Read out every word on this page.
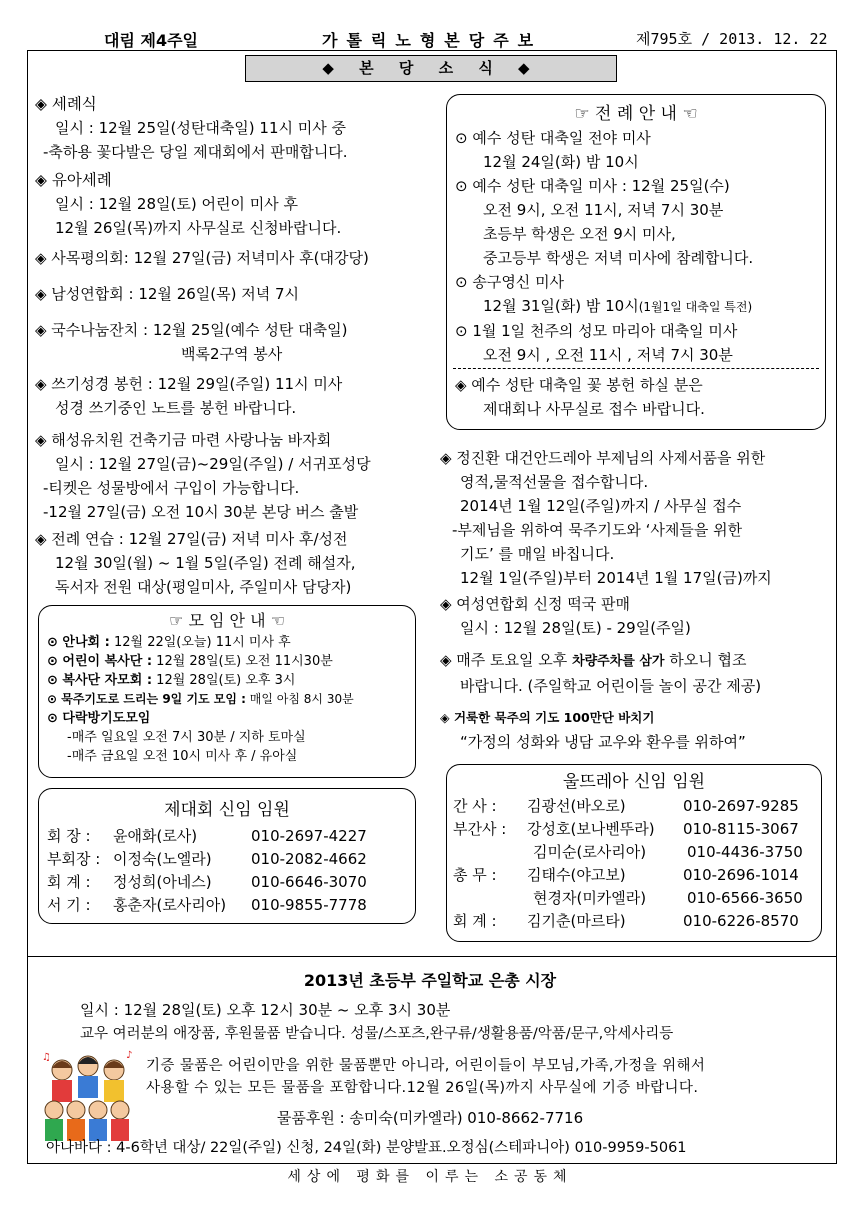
대림 제4주일	가톨릭노형본당주보	제795호 / 2013. 12. 22
◆ 본 당 소 식 ◆
◈ 세례식
일시 : 12월 25일(성탄대축일) 11시 미사 중
-축하용 꽃다발은 당일 제대회에서 판매합니다.
◈ 유아세례
일시 : 12월 28일(토) 어린이 미사 후
12월 26일(목)까지 사무실로 신청바랍니다.
◈ 사목평의회: 12월 27일(금) 저녁미사 후(대강당)
◈ 남성연합회 : 12월 26일(목) 저녁 7시
◈ 국수나눔잔치 : 12월 25일(예수 성탄 대축일)
백록2구역 봉사
◈ 쓰기성경 봉헌 : 12월 29일(주일) 11시 미사
성경 쓰기중인 노트를 봉헌 바랍니다.
◈ 해성유치원 건축기금 마련 사랑나눔 바자회
일시 : 12월 27일(금)~29일(주일) / 서귀포성당
-티켓은 성물방에서 구입이 가능합니다.
-12월 27일(금) 오전 10시 30분 본당 버스 출발
◈ 전례 연습 : 12월 27일(금) 저녁 미사 후/성전
12월 30일(월) ~ 1월 5일(주일) 전례 해설자,
독서자 전원 대상(평일미사, 주일미사 담당자)
☞ 모 임 안 내 ☜
⊙ 안나회 : 12월 22일(오늘) 11시 미사 후
⊙ 어린이 복사단 : 12월 28일(토) 오전 11시30분
⊙ 복사단 자모회 : 12월 28일(토) 오후 3시
⊙ 묵주기도로 드리는 9일 기도 모임 : 매일 아침 8시 30분
⊙ 다락방기도모임
-매주 일요일 오전 7시 30분 / 지하 토마실
-매주 금요일 오전 10시 미사 후 / 유아실
제대회 신임 임원
회 장 :	윤애화(로사)	010-2697-4227
부회장 :	이정숙(노엘라)	010-2082-4662
회 계 :	정성희(아네스)	010-6646-3070
서 기 :	홍춘자(로사리아)	010-9855-7778
☞ 전 례 안 내 ☜
⊙ 예수 성탄 대축일 전야 미사
12월 24일(화) 밤 10시
⊙ 예수 성탄 대축일 미사 : 12월 25일(수)
오전 9시, 오전 11시, 저녁 7시 30분
초등부 학생은 오전 9시 미사,
중고등부 학생은 저녁 미사에 참례합니다.
⊙ 송구영신 미사
12월 31일(화) 밤 10시(1월1일 대축일 특전)
⊙ 1월 1일 천주의 성모 마리아 대축일 미사
오전 9시 , 오전 11시 , 저녁 7시 30분
◈ 예수 성탄 대축일 꽃 봉헌 하실 분은
제대회나 사무실로 접수 바랍니다.
◈ 정진환 대건안드레아 부제님의 사제서품을 위한
영적,물적선물을 접수합니다.
2014년 1월 12일(주일)까지 / 사무실 접수
-부제님을 위하여 묵주기도와 ‘사제들을 위한
기도’ 를 매일 바칩니다.
12월 1일(주일)부터 2014년 1월 17일(금)까지
◈ 여성연합회 신정 떡국 판매
일시 : 12월 28일(토) - 29일(주일)
◈ 매주 토요일 오후 차량주차를 삼가 하오니 협조
바랍니다. (주일학교 어린이들 놀이 공간 제공)
◈ 거룩한 묵주의 기도 100만단 바치기
“가정의 성화와 냉담 교우와 환우를 위하여”
울뜨레아 신임 임원
간 사 :	김광선(바오로)	010-2697-9285
부간사 :	강성호(보나벤뚜라)	010-8115-3067
	김미순(로사리아)	010-4436-3750
총 무 :	김태수(야고보)	010-2696-1014
	현경자(미카엘라)	010-6566-3650
회 계 :	김기춘(마르타)	010-6226-8570
2013년 초등부 주일학교 은총 시장
일시 : 12월 28일(토) 오후 12시 30분 ~ 오후 3시 30분
교우 여러분의 애장품, 후원물품 받습니다. 성물/스포츠,완구류/생활용품/악품/문구,악세사리등
♪
♫
기증 물품은 어린이만을 위한 물품뿐만 아니라, 어린이들이 부모님,가족,가정을 위해서
사용할 수 있는 모든 물품을 포함합니다.12월 26일(목)까지 사무실에 기증 바랍니다.
물품후원 : 송미숙(미카엘라) 010-8662-7716
아나바다 : 4-6학년 대상/ 22일(주일) 신청, 24일(화) 분양발표.오정심(스테파니아) 010-9959-5061
세상에 평화를 이루는 소공동체
